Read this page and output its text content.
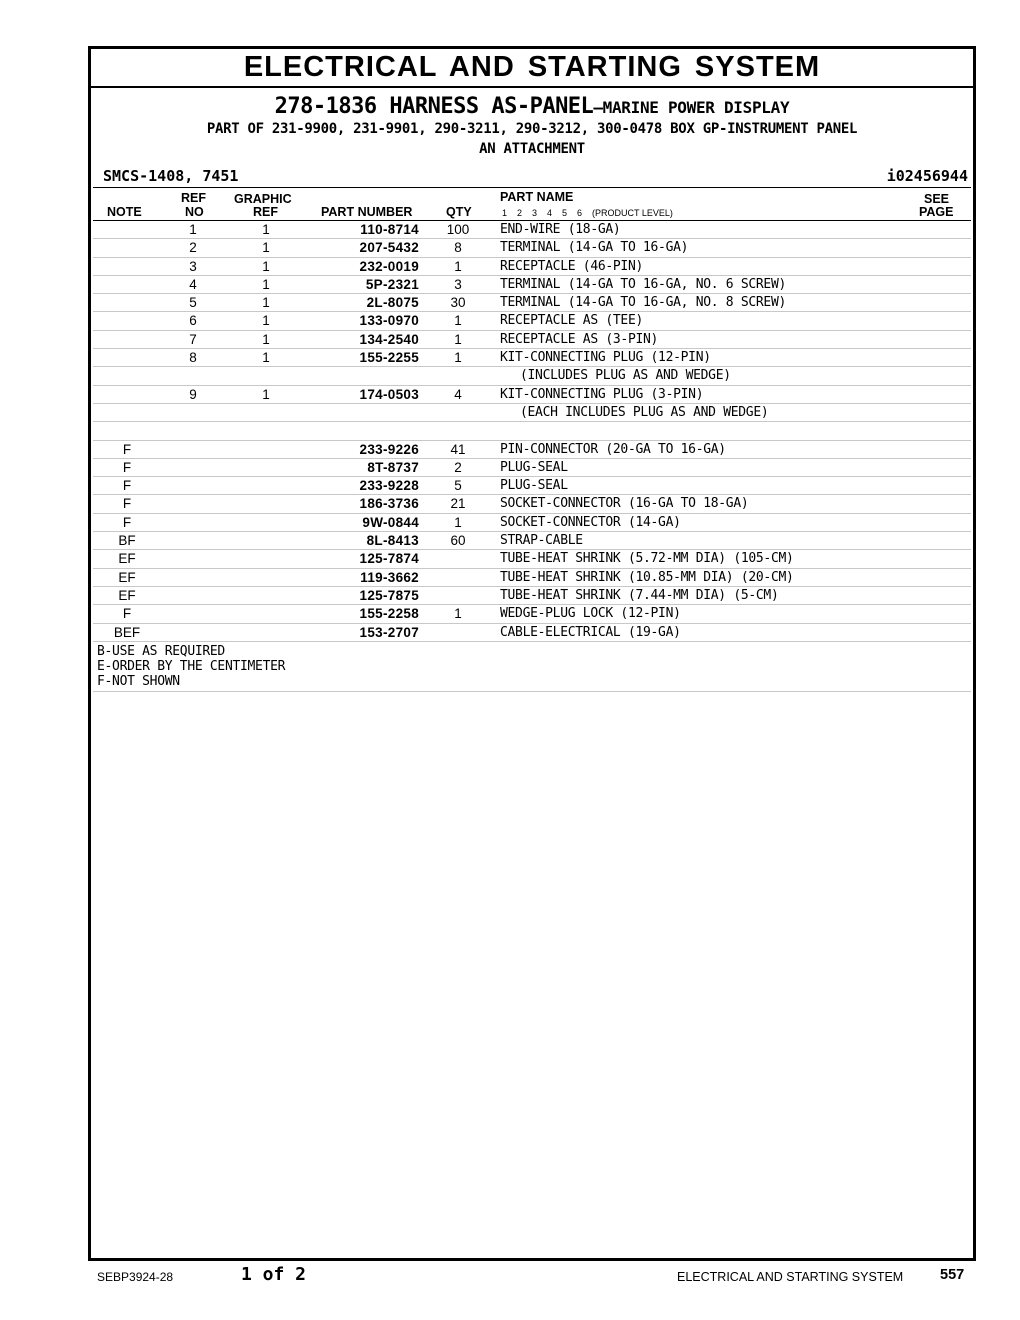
ELECTRICAL AND STARTING SYSTEM
278-1836 HARNESS AS-PANEL—MARINE POWER DISPLAY
PART OF 231-9900, 231-9901, 290-3211, 290-3212, 300-0478 BOX GP-INSTRUMENT PANEL
AN ATTACHMENT
SMCS-1408, 7451	i02456944
NOTE
REF
NO
GRAPHIC
REF	PART NUMBER	QTY
PART NAME
1    2    3    4    5    6    (PRODUCT LEVEL)
SEE
PAGE
1	1	110-8714	100	END-WIRE (18-GA)
2	1	207-5432	8	TERMINAL (14-GA TO 16-GA)
3	1	232-0019	1	RECEPTACLE (46-PIN)
4	1	5P-2321	3	TERMINAL (14-GA TO 16-GA, NO. 6 SCREW)
5	1	2L-8075	30	TERMINAL (14-GA TO 16-GA, NO. 8 SCREW)
6	1	133-0970	1	RECEPTACLE AS (TEE)
7	1	134-2540	1	RECEPTACLE AS (3-PIN)
8	1	155-2255	1	KIT-CONNECTING PLUG (12-PIN)
(INCLUDES PLUG AS AND WEDGE)
9	1	174-0503	4	KIT-CONNECTING PLUG (3-PIN)
(EACH INCLUDES PLUG AS AND WEDGE)
F	233-9226	41	PIN-CONNECTOR (20-GA TO 16-GA)
F	8T-8737	2	PLUG-SEAL
F	233-9228	5	PLUG-SEAL
F	186-3736	21	SOCKET-CONNECTOR (16-GA TO 18-GA)
F	9W-0844	1	SOCKET-CONNECTOR (14-GA)
BF	8L-8413	60	STRAP-CABLE
EF	125-7874	TUBE-HEAT SHRINK (5.72-MM DIA) (105-CM)
EF	119-3662	TUBE-HEAT SHRINK (10.85-MM DIA) (20-CM)
EF	125-7875	TUBE-HEAT SHRINK (7.44-MM DIA) (5-CM)
F	155-2258	1	WEDGE-PLUG LOCK (12-PIN)
BEF	153-2707	CABLE-ELECTRICAL (19-GA)
B-USE AS REQUIRED
E-ORDER BY THE CENTIMETER
F-NOT SHOWN
SEBP3924-28	1 of 2	ELECTRICAL AND STARTING SYSTEM	557
